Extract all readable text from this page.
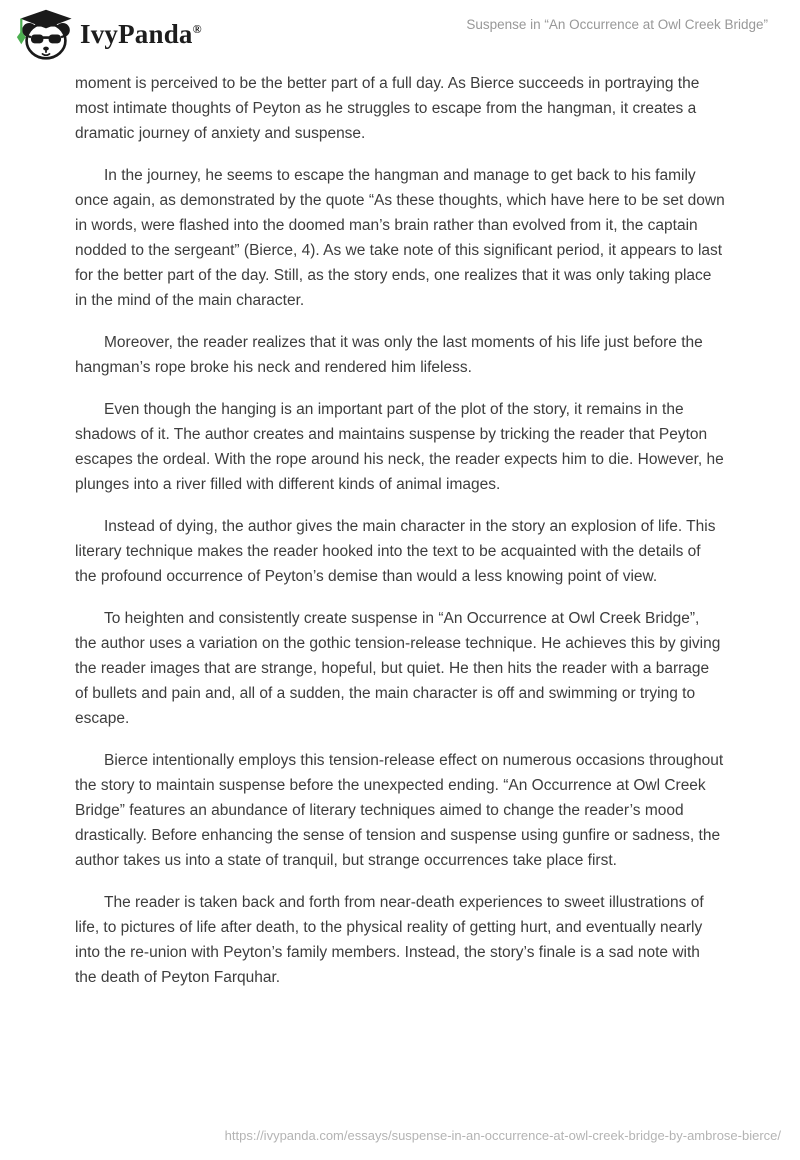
IvyPanda®	Suspense in “An Occurrence at Owl Creek Bridge”

moment is perceived to be the better part of a full day. As Bierce succeeds in portraying the most intimate thoughts of Peyton as he struggles to escape from the hangman, it creates a dramatic journey of anxiety and suspense.

In the journey, he seems to escape the hangman and manage to get back to his family once again, as demonstrated by the quote “As these thoughts, which have here to be set down in words, were flashed into the doomed man’s brain rather than evolved from it, the captain nodded to the sergeant” (Bierce, 4). As we take note of this significant period, it appears to last for the better part of the day. Still, as the story ends, one realizes that it was only taking place in the mind of the main character.

Moreover, the reader realizes that it was only the last moments of his life just before the hangman’s rope broke his neck and rendered him lifeless.

Even though the hanging is an important part of the plot of the story, it remains in the shadows of it. The author creates and maintains suspense by tricking the reader that Peyton escapes the ordeal. With the rope around his neck, the reader expects him to die. However, he plunges into a river filled with different kinds of animal images.

Instead of dying, the author gives the main character in the story an explosion of life. This literary technique makes the reader hooked into the text to be acquainted with the details of the profound occurrence of Peyton’s demise than would a less knowing point of view.

To heighten and consistently create suspense in “An Occurrence at Owl Creek Bridge”, the author uses a variation on the gothic tension-release technique. He achieves this by giving the reader images that are strange, hopeful, but quiet. He then hits the reader with a barrage of bullets and pain and, all of a sudden, the main character is off and swimming or trying to escape.

Bierce intentionally employs this tension-release effect on numerous occasions throughout the story to maintain suspense before the unexpected ending. “An Occurrence at Owl Creek Bridge” features an abundance of literary techniques aimed to change the reader’s mood drastically. Before enhancing the sense of tension and suspense using gunfire or sadness, the author takes us into a state of tranquil, but strange occurrences take place first.

The reader is taken back and forth from near-death experiences to sweet illustrations of life, to pictures of life after death, to the physical reality of getting hurt, and eventually nearly into the re-union with Peyton’s family members. Instead, the story’s finale is a sad note with the death of Peyton Farquhar.

https://ivypanda.com/essays/suspense-in-an-occurrence-at-owl-creek-bridge-by-ambrose-bierce/
